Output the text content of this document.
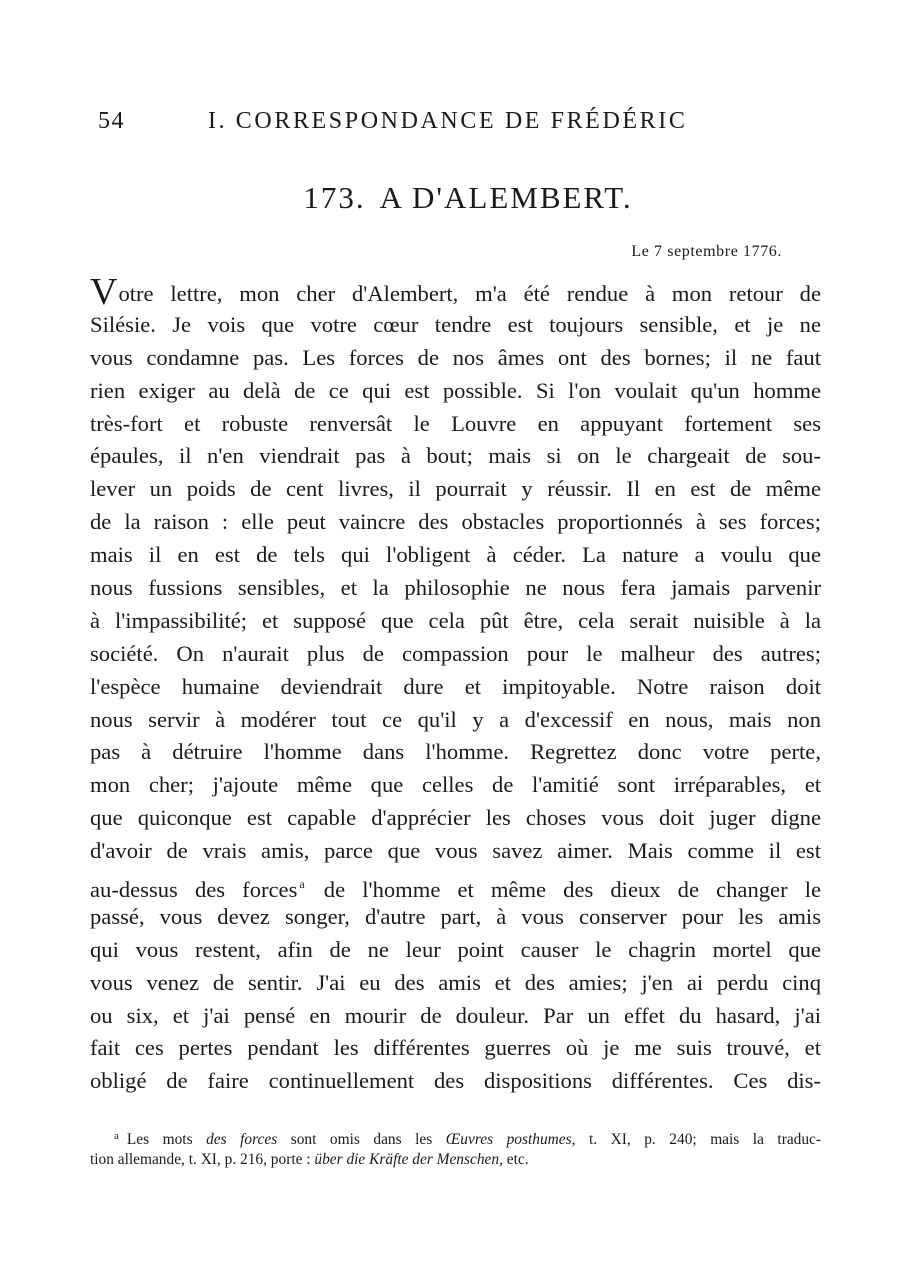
54	I. CORRESPONDANCE DE FRÉDÉRIC
173. A D'ALEMBERT.
Le 7 septembre 1776.
Votre lettre, mon cher d'Alembert, m'a été rendue à mon retour de
Silésie. Je vois que votre cœur tendre est toujours sensible, et je ne
vous condamne pas. Les forces de nos âmes ont des bornes; il ne faut
rien exiger au delà de ce qui est possible. Si l'on voulait qu'un homme
très-fort et robuste renversât le Louvre en appuyant fortement ses
épaules, il n'en viendrait pas à bout; mais si on le chargeait de sou-
lever un poids de cent livres, il pourrait y réussir. Il en est de même
de la raison : elle peut vaincre des obstacles proportionnés à ses forces;
mais il en est de tels qui l'obligent à céder. La nature a voulu que
nous fussions sensibles, et la philosophie ne nous fera jamais parvenir
à l'impassibilité; et supposé que cela pût être, cela serait nuisible à la
société. On n'aurait plus de compassion pour le malheur des autres;
l'espèce humaine deviendrait dure et impitoyable. Notre raison doit
nous servir à modérer tout ce qu'il y a d'excessif en nous, mais non
pas à détruire l'homme dans l'homme. Regrettez donc votre perte,
mon cher; j'ajoute même que celles de l'amitié sont irréparables, et
que quiconque est capable d'apprécier les choses vous doit juger digne
d'avoir de vrais amis, parce que vous savez aimer. Mais comme il est
au-dessus des forces $^a$ de l'homme et même des dieux de changer le
passé, vous devez songer, d'autre part, à vous conserver pour les amis
qui vous restent, afin de ne leur point causer le chagrin mortel que
vous venez de sentir. J'ai eu des amis et des amies; j'en ai perdu cinq
ou six, et j'ai pensé en mourir de douleur. Par un effet du hasard, j'ai
fait ces pertes pendant les différentes guerres où je me suis trouvé, et
obligé de faire continuellement des dispositions différentes. Ces dis-
$^a$ Les mots des forces sont omis dans les Œuvres posthumes, t. XI, p. 240; mais la traduc-
tion allemande, t. XI, p. 216, porte : über die Kräfte der Menschen, etc.
